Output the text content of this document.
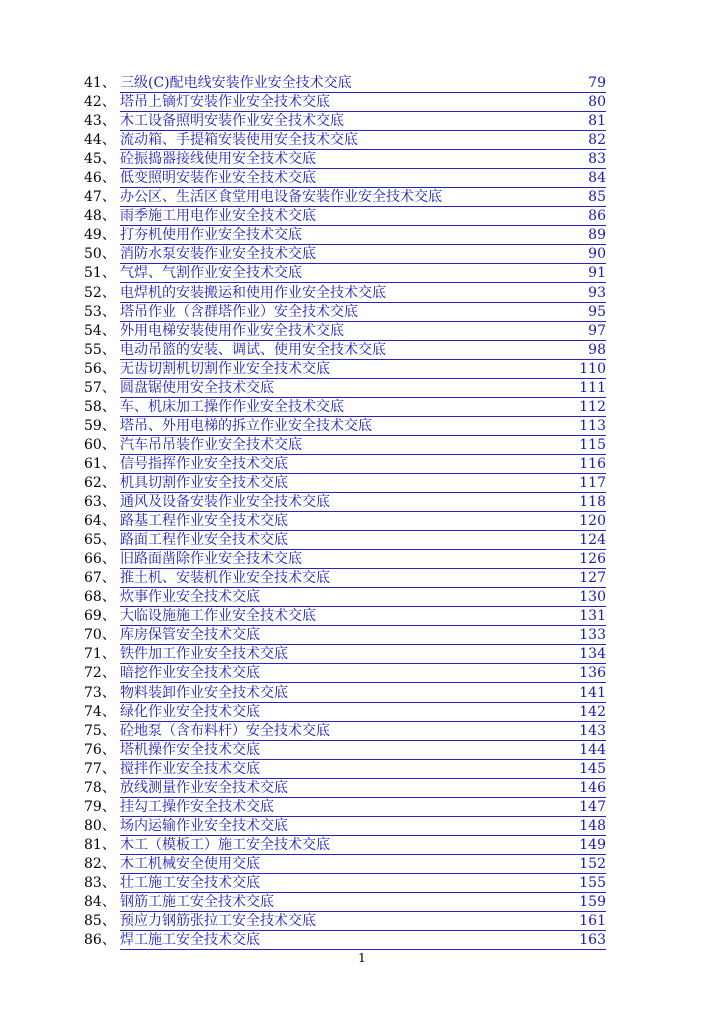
41、 三级(C)配电线安装作业安全技术交底	79
42、 塔吊上镝灯安装作业安全技术交底	80
43、 木工设备照明安装作业安全技术交底	81
44、 流动箱、手提箱安装使用安全技术交底	82
45、 砼振捣器接线使用安全技术交底	83
46、 低变照明安装作业安全技术交底	84
47、 办公区、生活区食堂用电设备安装作业安全技术交底	85
48、 雨季施工用电作业安全技术交底	86
49、 打夯机使用作业安全技术交底	89
50、 消防水泵安装作业安全技术交底	90
51、 气焊、气割作业安全技术交底	91
52、 电焊机的安装搬运和使用作业安全技术交底	93
53、 塔吊作业（含群塔作业）安全技术交底	95
54、 外用电梯安装使用作业安全技术交底	97
55、 电动吊篮的安装、调试、使用安全技术交底	98
56、 无齿切割机切割作业安全技术交底	110
57、 圆盘锯使用安全技术交底	111
58、 车、机床加工操作作业安全技术交底	112
59、 塔吊、外用电梯的拆立作业安全技术交底	113
60、 汽车吊吊装作业安全技术交底	115
61、 信号指挥作业安全技术交底	116
62、 机具切割作业安全技术交底	117
63、 通风及设备安装作业安全技术交底	118
64、 路基工程作业安全技术交底	120
65、 路面工程作业安全技术交底	124
66、 旧路面凿除作业安全技术交底	126
67、 推土机、安装机作业安全技术交底	127
68、 炊事作业安全技术交底	130
69、 大临设施施工作业安全技术交底	131
70、 库房保管安全技术交底	133
71、 铁件加工作业安全技术交底	134
72、 暗挖作业安全技术交底	136
73、 物料装卸作业安全技术交底	141
74、 绿化作业安全技术交底	142
75、 砼地泵（含布料杆）安全技术交底	143
76、 塔机操作安全技术交底	144
77、 搅拌作业安全技术交底	145
78、 放线测量作业安全技术交底	146
79、 挂勾工操作安全技术交底	147
80、 场内运输作业安全技术交底	148
81、 木工（模板工）施工安全技术交底	149
82、 木工机械安全使用交底	152
83、 壮工施工安全技术交底	155
84、 钢筋工施工安全技术交底	159
85、 预应力钢筋张拉工安全技术交底	161
86、 焊工施工安全技术交底	163
1
